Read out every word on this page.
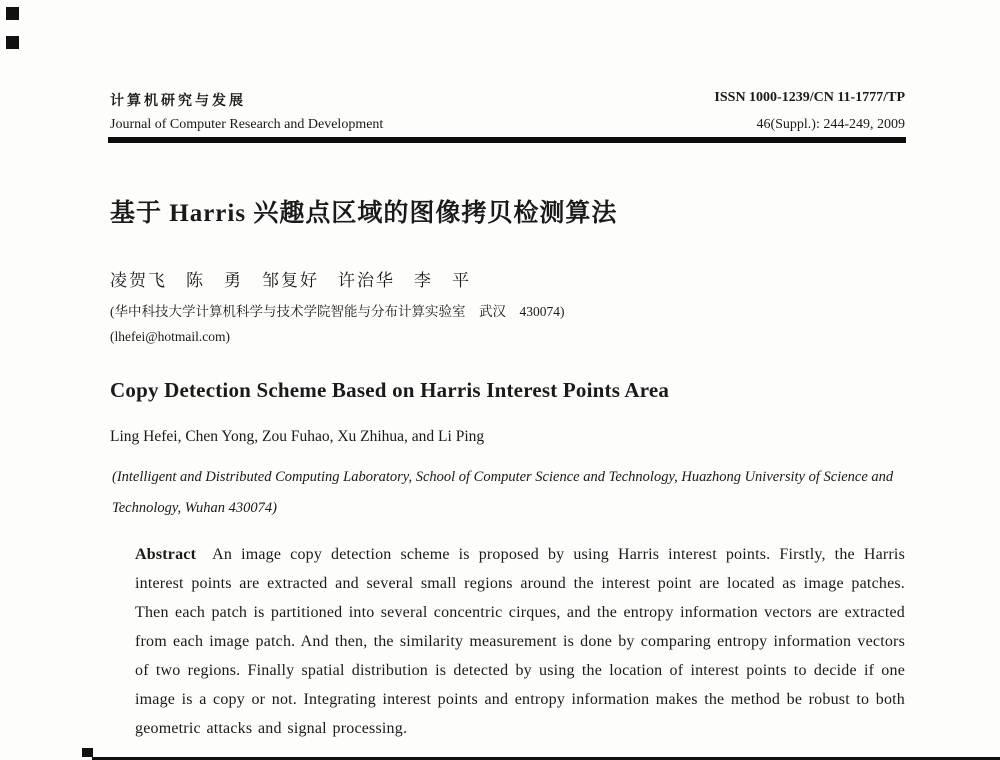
计算机研究与发展
Journal of Computer Research and Development
ISSN 1000-1239/CN 11-1777/TP
46(Suppl.): 244-249, 2009
基于 Harris 兴趣点区域的图像拷贝检测算法
凌贺飞　陈　勇　邹复好　许治华　李　平
(华中科技大学计算机科学与技术学院智能与分布计算实验室　武汉　430074)
(lhefei@hotmail.com)
Copy Detection Scheme Based on Harris Interest Points Area
Ling Hefei, Chen Yong, Zou Fuhao, Xu Zhihua, and Li Ping
(Intelligent and Distributed Computing Laboratory, School of Computer Science and Technology, Huazhong University of Science and Technology, Wuhan 430074)

Abstract An image copy detection scheme is proposed by using Harris interest points. Firstly, the Harris interest points are extracted and several small regions around the interest point are located as image patches. Then each patch is partitioned into several concentric cirques, and the entropy information vectors are extracted from each image patch. And then, the similarity measurement is done by comparing entropy information vectors of two regions. Finally spatial distribution is detected by using the location of interest points to decide if one image is a copy or not. Integrating interest points and entropy information makes the method be robust to both geometric attacks and signal processing.
